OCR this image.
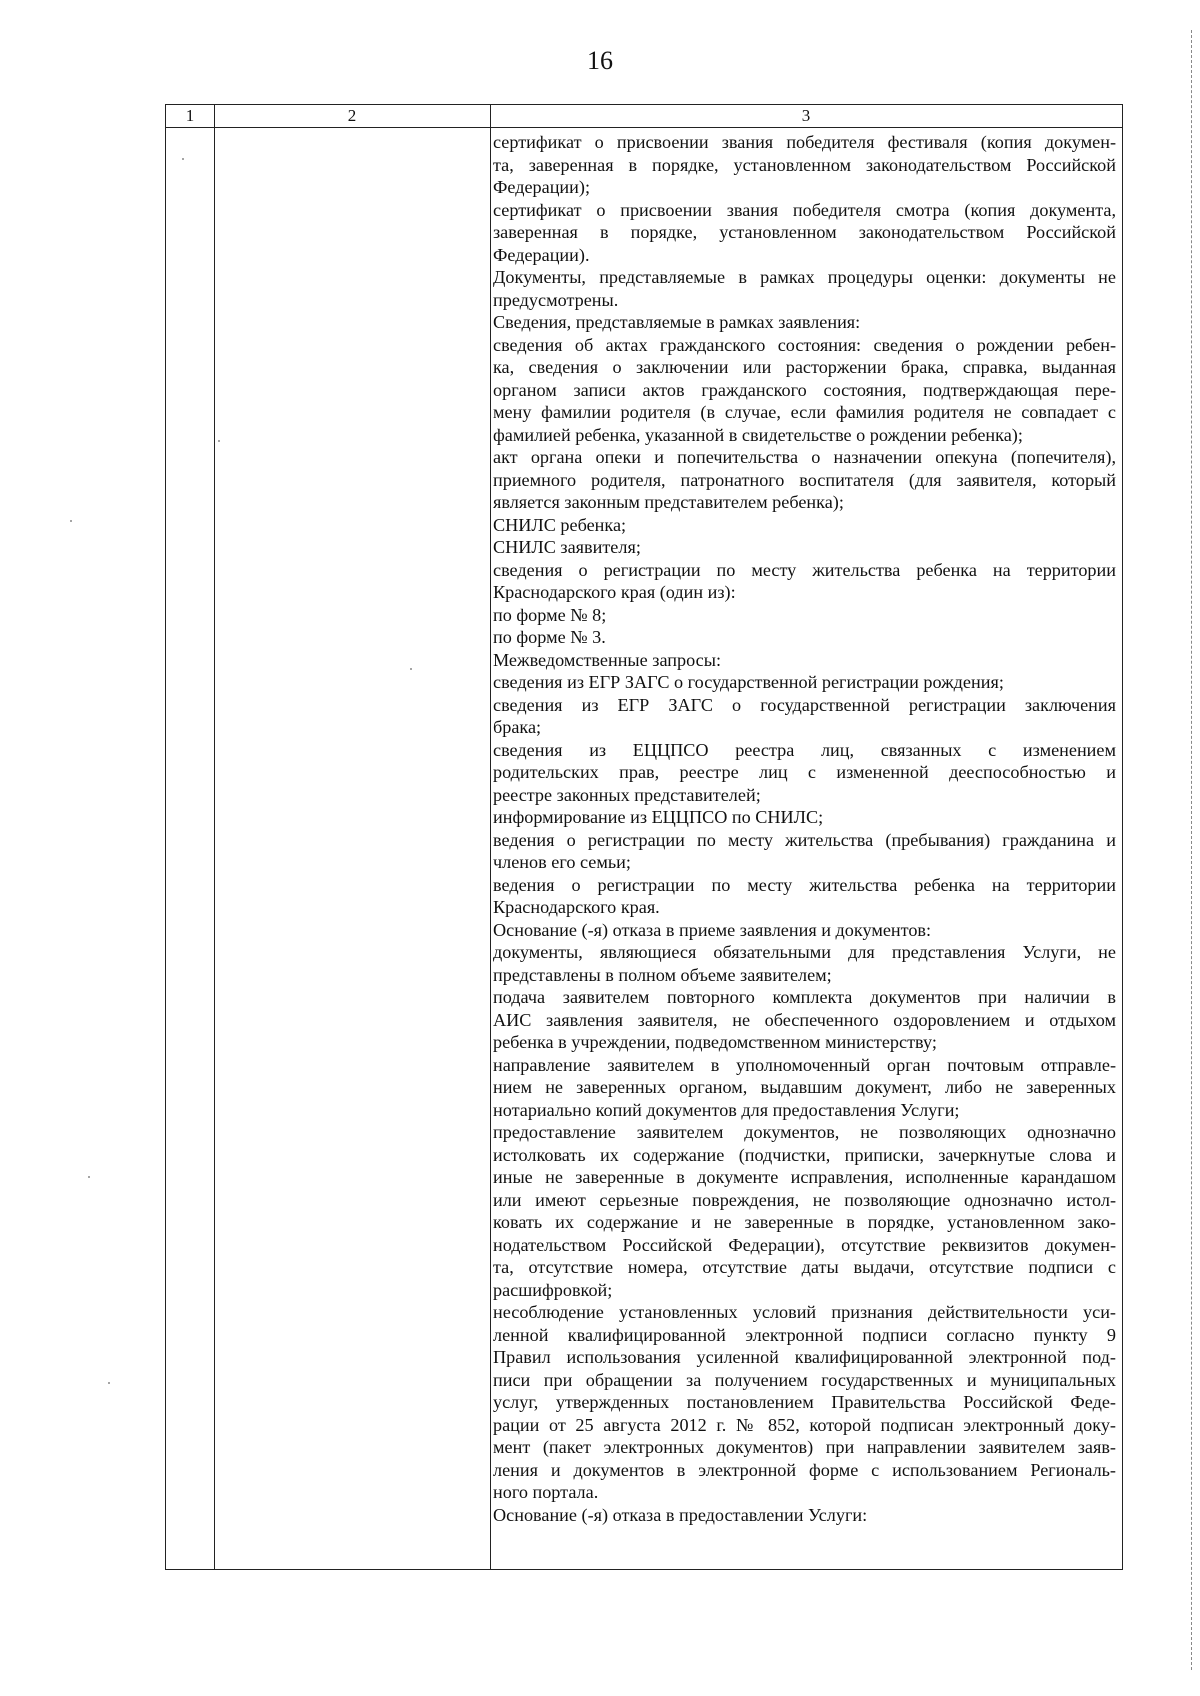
16
1	2	3
сертификат о присвоении звания победителя фестиваля (копия докумен-
та, заверенная в порядке, установленном законодательством Российской
Федерации);
сертификат о присвоении звания победителя смотра (копия документа,
заверенная в порядке, установленном законодательством Российской
Федерации).
Документы, представляемые в рамках процедуры оценки: документы не
предусмотрены.
Сведения, представляемые в рамках заявления:
сведения об актах гражданского состояния: сведения о рождении ребен-
ка, сведения о заключении или расторжении брака, справка, выданная
органом записи актов гражданского состояния, подтверждающая пере-
мену фамилии родителя (в случае, если фамилия родителя не совпадает с
фамилией ребенка, указанной в свидетельстве о рождении ребенка);
акт органа опеки и попечительства о назначении опекуна (попечителя),
приемного родителя, патронатного воспитателя (для заявителя, который
является законным представителем ребенка);
СНИЛС ребенка;
СНИЛС заявителя;
сведения о регистрации по месту жительства ребенка на территории
Краснодарского края (один из):
по форме № 8;
по форме № 3.
Межведомственные запросы:
сведения из ЕГР ЗАГС о государственной регистрации рождения;
сведения из ЕГР ЗАГС о государственной регистрации заключения
брака;
сведения из ЕЦЦПСО реестра лиц, связанных с изменением
родительских прав, реестре лиц с измененной дееспособностью и
реестре законных представителей;
информирование из ЕЦЦПСО по СНИЛС;
ведения о регистрации по месту жительства (пребывания) гражданина и
членов его семьи;
ведения о регистрации по месту жительства ребенка на территории
Краснодарского края.
Основание (-я) отказа в приеме заявления и документов:
документы, являющиеся обязательными для представления Услуги, не
представлены в полном объеме заявителем;
подача заявителем повторного комплекта документов при наличии в
АИС заявления заявителя, не обеспеченного оздоровлением и отдыхом
ребенка в учреждении, подведомственном министерству;
направление заявителем в уполномоченный орган почтовым отправле-
нием не заверенных органом, выдавшим документ, либо не заверенных
нотариально копий документов для предоставления Услуги;
предоставление заявителем документов, не позволяющих однозначно
истолковать их содержание (подчистки, приписки, зачеркнутые слова и
иные не заверенные в документе исправления, исполненные карандашом
или имеют серьезные повреждения, не позволяющие однозначно истол-
ковать их содержание и не заверенные в порядке, установленном зако-
нодательством Российской Федерации), отсутствие реквизитов докумен-
та, отсутствие номера, отсутствие даты выдачи, отсутствие подписи с
расшифровкой;
несоблюдение установленных условий признания действительности уси-
ленной квалифицированной электронной подписи согласно пункту 9
Правил использования усиленной квалифицированной электронной под-
писи при обращении за получением государственных и муниципальных
услуг, утвержденных постановлением Правительства Российской Феде-
рации от 25 августа 2012 г. № 852, которой подписан электронный доку-
мент (пакет электронных документов) при направлении заявителем заяв-
ления и документов в электронной форме с использованием Региональ-
ного портала.
Основание (-я) отказа в предоставлении Услуги:
